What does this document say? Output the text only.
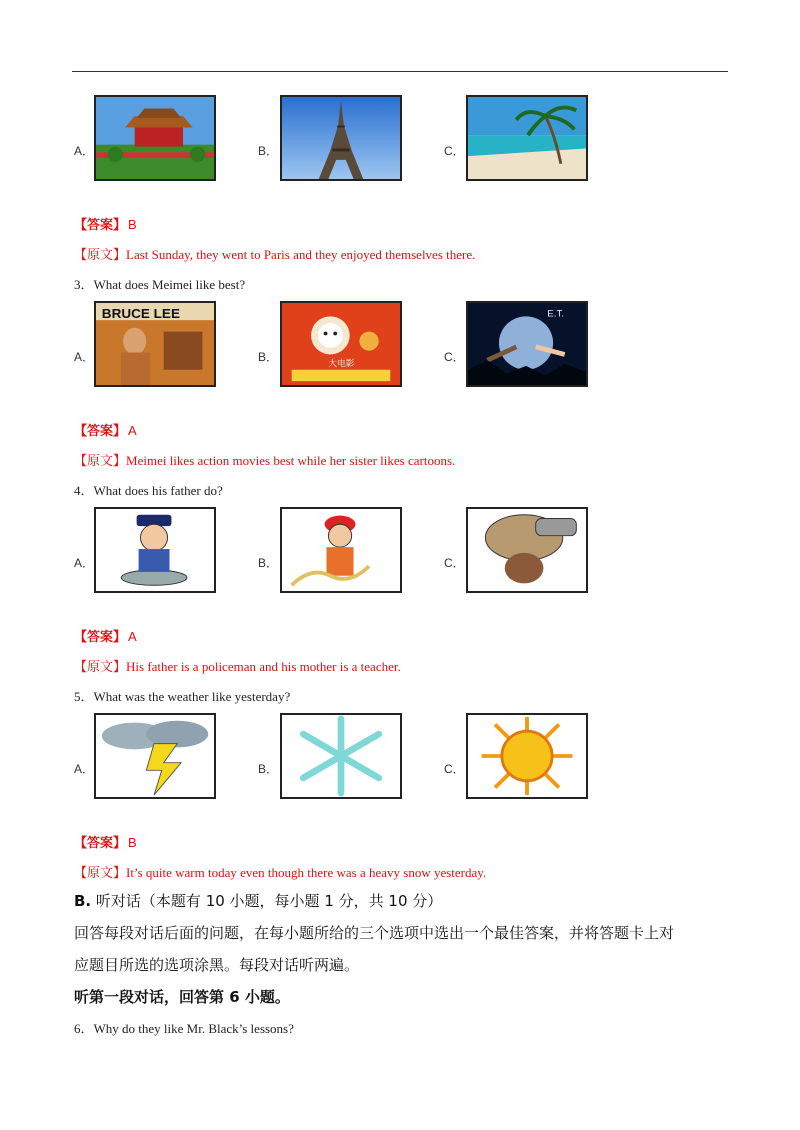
A．	B．	C．
【答案】 B
【原文】Last Sunday, they went to Paris and they enjoyed themselves there.
3．What does Meimei like best?
A．
BRUCE LEE
B．	大电影	C．
E.T.
【答案】 A
【原文】Meimei likes action movies best while her sister likes cartoons.
4．What does his father do?
A．	B．	C．
【答案】 A
【原文】His father is a policeman and his mother is a teacher.
5．What was the weather like yesterday?
A．	B．	C．
【答案】 B
【原文】It’s quite warm today even though there was a heavy snow yesterday.
B. 听对话（本题有 10 小题，每小题 1 分，共 10 分）
回答每段对话后面的问题，在每小题所给的三个选项中选出一个最佳答案，并将答题卡上对
应题目所选的选项涂黑。每段对话听两遍。
听第一段对话，回答第 6 小题。
6．Why do they like Mr. Black’s lessons?
